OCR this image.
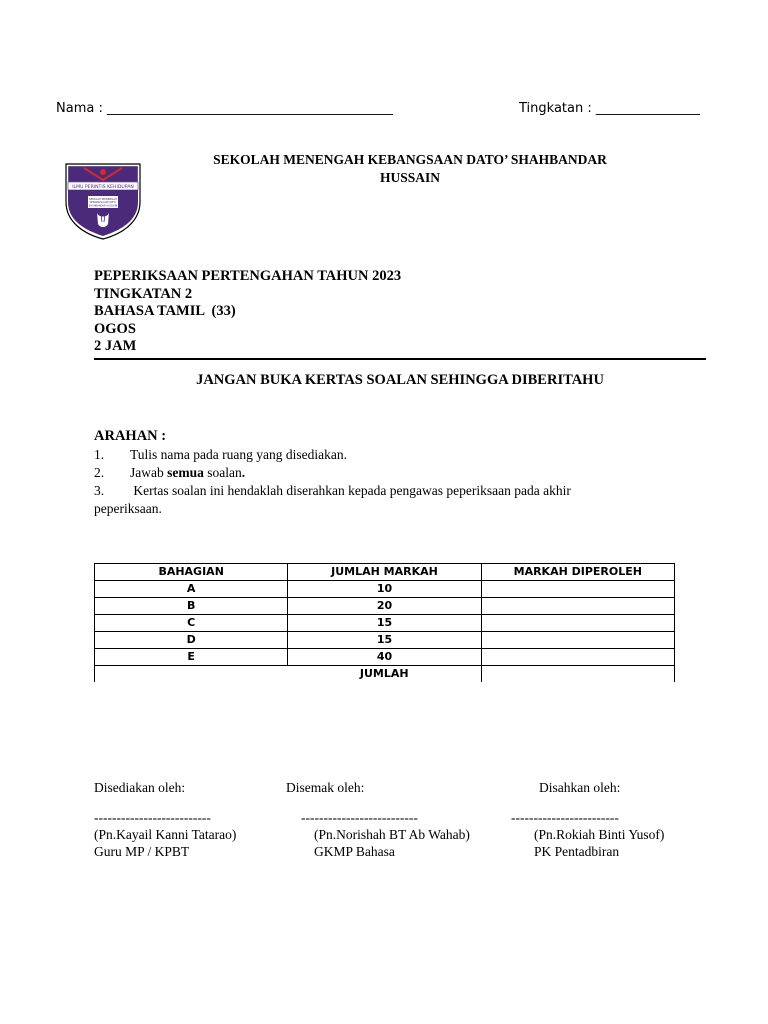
Nama : ____________________________________________	Tingkatan : ________________
ILMU PERINTIS KEHIDUPAN
SEKOLAH MENENGAH
KEBANGSAAN DATO'
SHAHBANDAR HUSSAIN
SEKOLAH MENENGAH KEBANGSAAN DATO’ SHAHBANDAR
HUSSAIN
PEPERIKSAAN PERTENGAHAN TAHUN 2023
TINGKATAN 2
BAHASA TAMIL  (33)
OGOS
2 JAM
JANGAN BUKA KERTAS SOALAN SEHINGGA DIBERITAHU
ARAHAN :
1. Tulis nama pada ruang yang disediakan.
2. Jawab semua soalan.
3. Kertas soalan ini hendaklah diserahkan kepada pengawas peperiksaan pada akhir
peperiksaan.
BAHAGIAN	JUMLAH MARKAH	MARKAH DIPEROLEH
A	10	
B	20	
C	15	
D	15	
E	40	
	JUMLAH	
Disediakan oleh:	Disemak oleh:	Disahkan oleh:
--------------------------
(Pn.Kayail Kanni Tatarao)
Guru MP / KPBT
--------------------------
(Pn.Norishah BT Ab Wahab)
GKMP Bahasa
------------------------
(Pn.Rokiah Binti Yusof)
PK Pentadbiran
